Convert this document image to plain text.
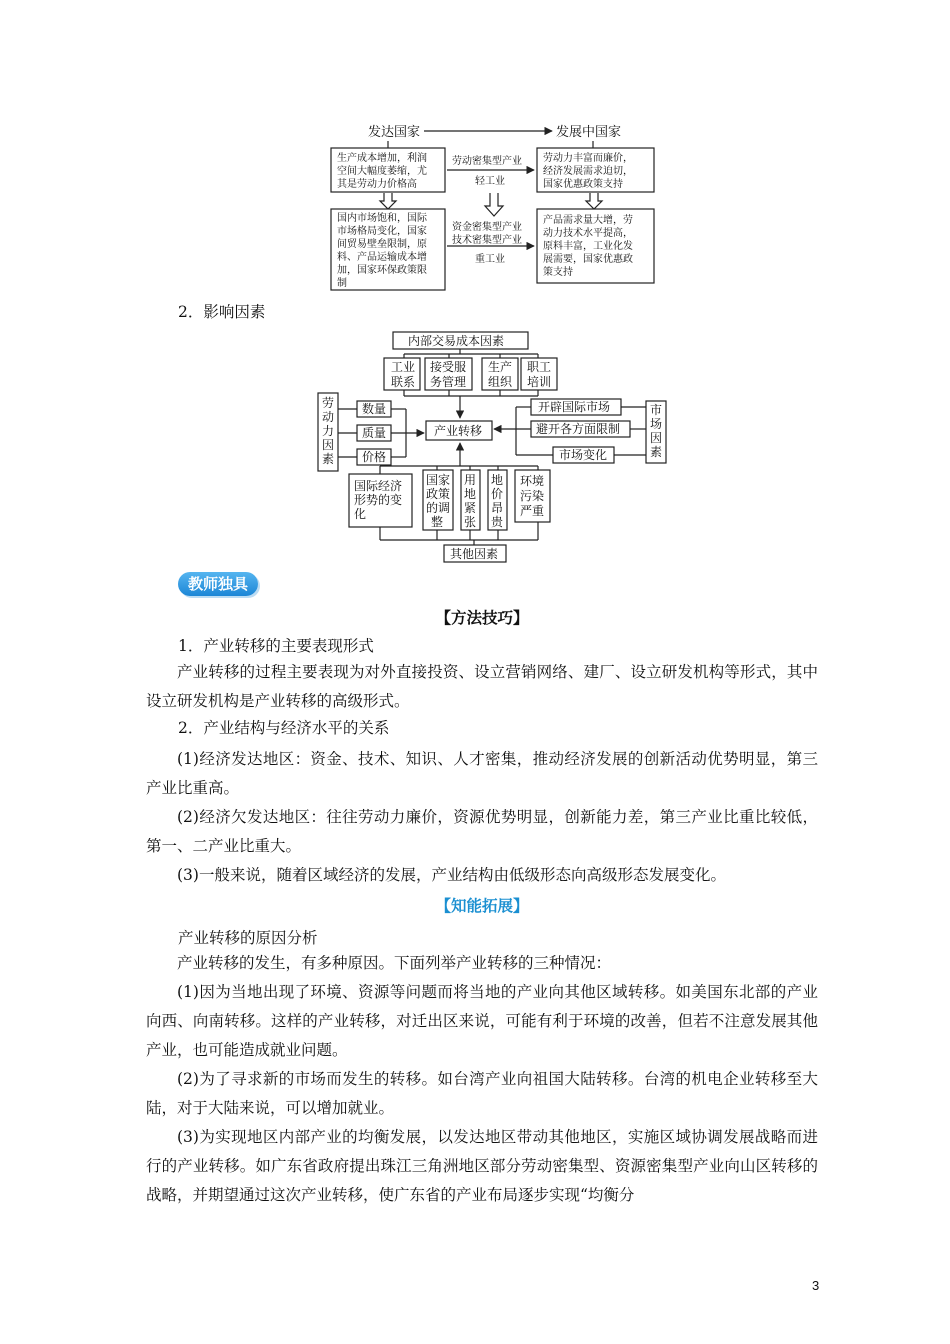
发达国家	发展中国家
生产成本增加，利润
空间大幅度萎缩，尤
其是劳动力价格高
劳动力丰富而廉价，
经济发展需求迫切，
国家优惠政策支持
劳动密集型产业
轻工业
国内市场饱和，国际
市场格局变化，国家
间贸易壁垒限制，原
料、产品运输成本增
加，国家环保政策限
制
产品需求量大增，劳
动力技术水平提高，
原料丰富，工业化发
展需要，国家优惠政
策支持
资金密集型产业
技术密集型产业
重工业

2．影响因素

内部交易成本因素
工业
联系
接受服
务管理
生产
组织
职工
培训
产业转移
劳
动
力
因
素
数量
质量
价格
市
场
因
素
开辟国际市场
避开各方面限制
市场变化
国际经济
形势的变
化
国家
政策
的调
整
用
地
紧
张
地
价
昂
贵
环境
污染
严重
其他因素
教师独具
【方法技巧】

1．产业转移的主要表现形式

产业转移的过程主要表现为对外直接投资、设立营销网络、建厂、设立研发机构等形式，其中设立研发机构是产业转移的高级形式。

2．产业结构与经济水平的关系

(1)经济发达地区：资金、技术、知识、人才密集，推动经济发展的创新活动优势明显，第三产业比重高。

(2)经济欠发达地区：往往劳动力廉价，资源优势明显，创新能力差，第三产业比重比较低，第一、二产业比重大。

(3)一般来说，随着区域经济的发展，产业结构由低级形态向高级形态发展变化。

【知能拓展】

产业转移的原因分析

产业转移的发生，有多种原因。下面列举产业转移的三种情况：

(1)因为当地出现了环境、资源等问题而将当地的产业向其他区域转移。如美国东北部的产业向西、向南转移。这样的产业转移，对迁出区来说，可能有利于环境的改善，但若不注意发展其他产业，也可能造成就业问题。

(2)为了寻求新的市场而发生的转移。如台湾产业向祖国大陆转移。台湾的机电企业转移至大陆，对于大陆来说，可以增加就业。

(3)为实现地区内部产业的均衡发展，以发达地区带动其他地区，实施区域协调发展战略而进行的产业转移。如广东省政府提出珠江三角洲地区部分劳动密集型、资源密集型产业向山区转移的战略，并期望通过这次产业转移，使广东省的产业布局逐步实现“均衡分

3
